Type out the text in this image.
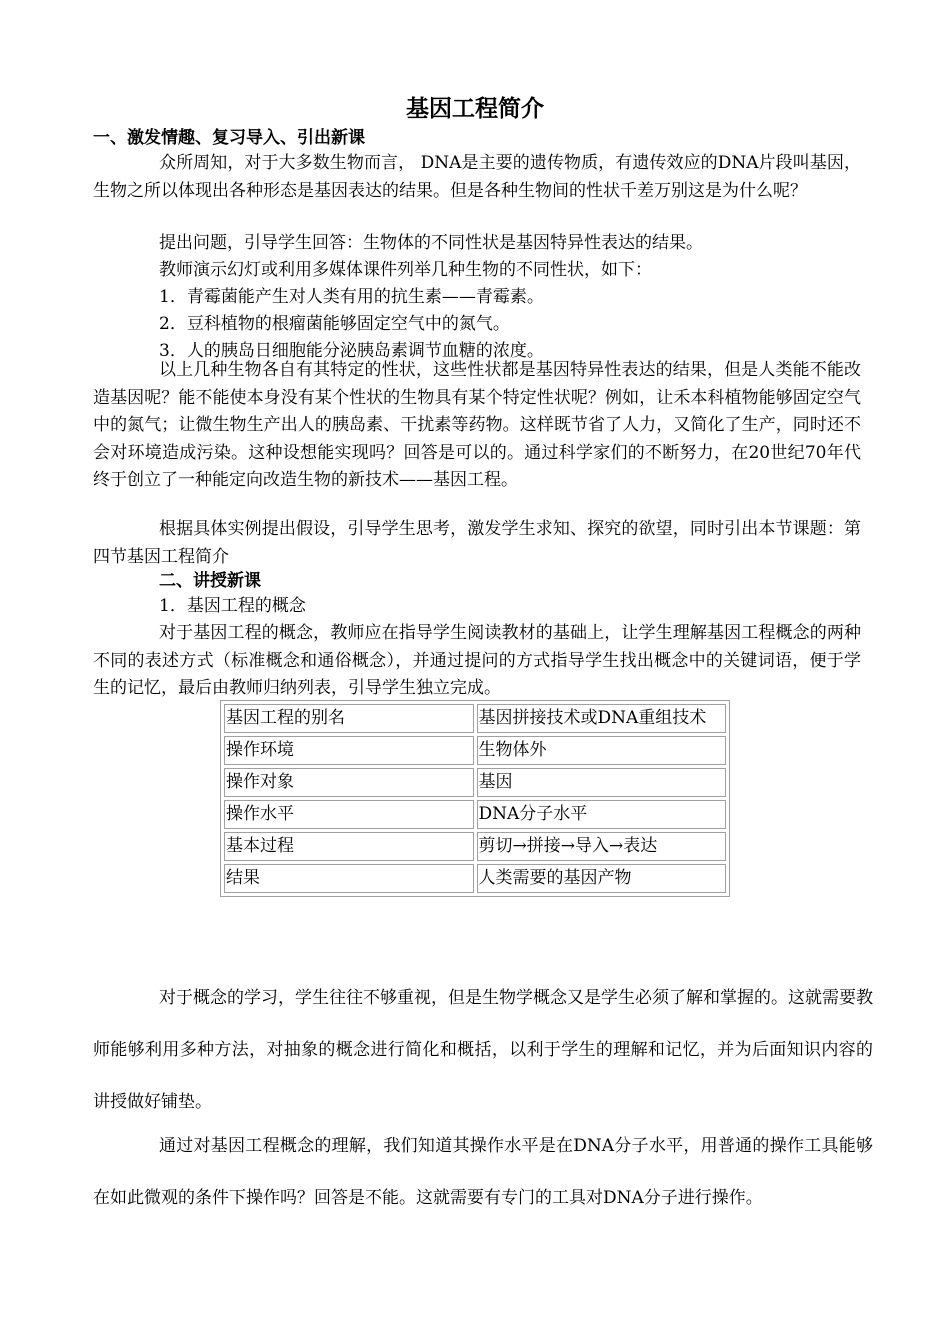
基因工程简介
一、激发情趣、复习导入、引出新课

众所周知，对于大多数生物而言， DNA是主要的遗传物质，有遗传效应的DNA片段叫基因，生物之所以体现出各种形态是基因表达的结果。但是各种生物间的性状千差万别这是为什么呢？

提出问题，引导学生回答：生物体的不同性状是基因特异性表达的结果。
教师演示幻灯或利用多媒体课件列举几种生物的不同性状，如下：
1．青霉菌能产生对人类有用的抗生素——青霉素。
2．豆科植物的根瘤菌能够固定空气中的氮气。
3．人的胰岛日细胞能分泌胰岛素调节血糖的浓度。

以上几种生物各自有其特定的性状，这些性状都是基因特异性表达的结果，但是人类能不能改造基因呢？能不能使本身没有某个性状的生物具有某个特定性状呢？例如，让禾本科植物能够固定空气中的氮气；让微生物生产出人的胰岛素、干扰素等药物。这样既节省了人力，又简化了生产，同时还不会对环境造成污染。这种设想能实现吗？回答是可以的。通过科学家们的不断努力，在20世纪70年代终于创立了一种能定向改造生物的新技术——基因工程。

根据具体实例提出假设，引导学生思考，激发学生求知、探究的欲望，同时引出本节课题：第四节基因工程简介

二、讲授新课
1．基因工程的概念

对于基因工程的概念，教师应在指导学生阅读教材的基础上，让学生理解基因工程概念的两种不同的表述方式（标准概念和通俗概念），并通过提问的方式指导学生找出概念中的关键词语，便于学生的记忆，最后由教师归纳列表，引导学生独立完成。

基因工程的别名	基因拼接技术或DNA重组技术
操作环境	生物体外
操作对象	基因
操作水平	DNA分子水平
基本过程	剪切→拼接→导入→表达
结果	人类需要的基因产物

对于概念的学习，学生往往不够重视，但是生物学概念又是学生必须了解和掌握的。这就需要教师能够利用多种方法，对抽象的概念进行简化和概括，以利于学生的理解和记忆，并为后面知识内容的讲授做好铺垫。

通过对基因工程概念的理解，我们知道其操作水平是在DNA分子水平，用普通的操作工具能够在如此微观的条件下操作吗？回答是不能。这就需要有专门的工具对DNA分子进行操作。
